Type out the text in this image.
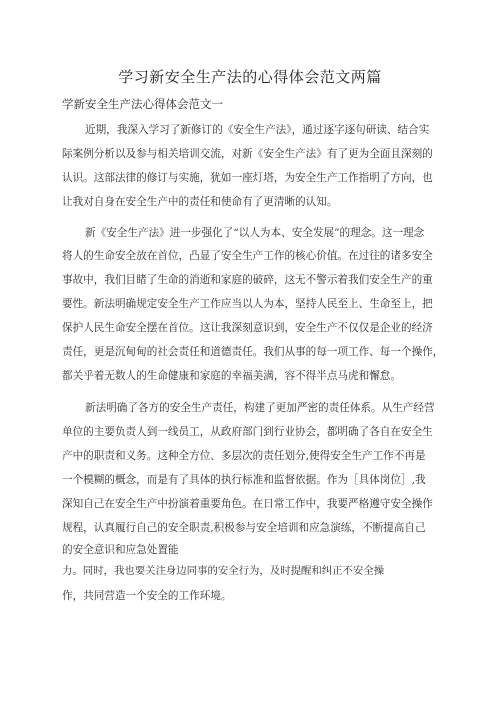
学习新安全生产法的心得体会范文两篇
学新安全生产法心得体会范文一
近期，我深入学习了新修订的《安全生产法》，通过逐字逐句研读、结合实
际案例分析以及参与相关培训交流，对新《安全生产法》有了更为全面且深刻的
认识。这部法律的修订与实施，犹如一座灯塔，为安全生产工作指明了方向，也
让我对自身在安全生产中的责任和使命有了更清晰的认知。
新《安全生产法》进一步强化了“以人为本、安全发展”的理念。这一理念
将人的生命安全放在首位，凸显了安全生产工作的核心价值。在过往的诸多安全
事故中，我们目睹了生命的消逝和家庭的破碎，这无不警示着我们安全生产的重
要性。新法明确规定安全生产工作应当以人为本，坚持人民至上、生命至上，把
保护人民生命安全摆在首位。这让我深刻意识到，安全生产不仅仅是企业的经济
责任，更是沉甸甸的社会责任和道德责任。我们从事的每一项工作、每一个操作，
都关乎着无数人的生命健康和家庭的幸福美满，容不得半点马虎和懈怠。
新法明确了各方的安全生产责任，构建了更加严密的责任体系。从生产经营
单位的主要负责人到一线员工，从政府部门到行业协会，都明确了各自在安全生
产中的职责和义务。这种全方位、多层次的责任划分,使得安全生产工作不再是
一个模糊的概念，而是有了具体的执行标准和监督依据。作为［具体岗位］,我
深知自己在安全生产中扮演着重要角色。在日常工作中，我要严格遵守安全操作
规程，认真履行自己的安全职责,积极参与安全培训和应急演练，不断提高自己
的安全意识和应急处置能
力。同时，我也要关注身边同事的安全行为，及时提醒和纠正不安全操
作，共同营造一个安全的工作环境。
